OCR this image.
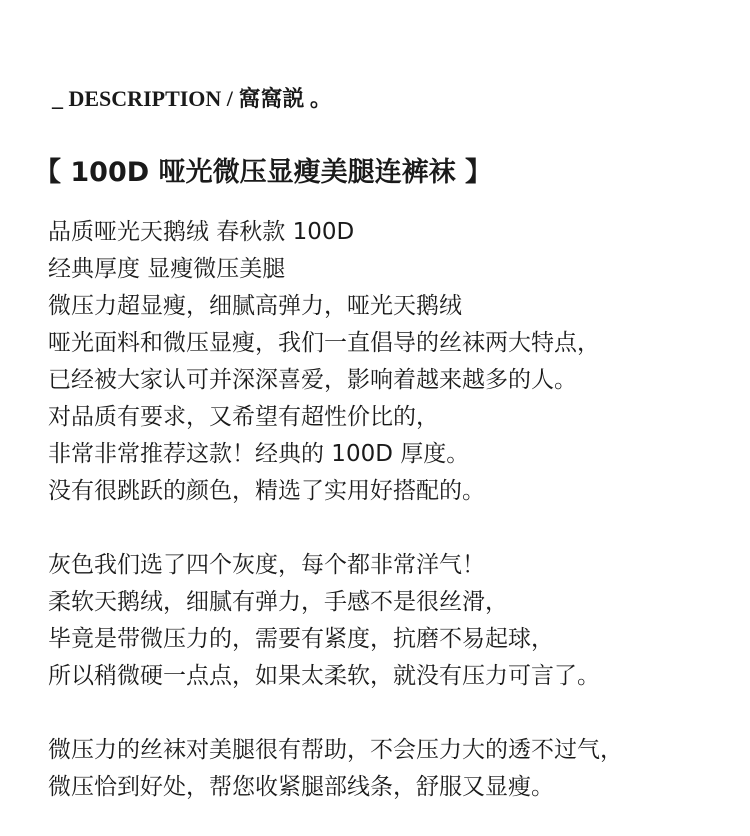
_ DESCRIPTION / 窩窩説 。
【 100D 哑光微压显瘦美腿连裤袜 】
品质哑光天鹅绒 春秋款 100D
经典厚度 显瘦微压美腿
微压力超显瘦，细腻高弹力，哑光天鹅绒
哑光面料和微压显瘦，我们一直倡导的丝袜两大特点，
已经被大家认可并深深喜爱，影响着越来越多的人。
对品质有要求，又希望有超性价比的，
非常非常推荐这款！经典的 100D 厚度。
没有很跳跃的颜色，精选了实用好搭配的。
灰色我们选了四个灰度，每个都非常洋气！
柔软天鹅绒，细腻有弹力，手感不是很丝滑，
毕竟是带微压力的，需要有紧度，抗磨不易起球，
所以稍微硬一点点，如果太柔软，就没有压力可言了。
微压力的丝袜对美腿很有帮助，不会压力大的透不过气，
微压恰到好处，帮您收紧腿部线条，舒服又显瘦。
